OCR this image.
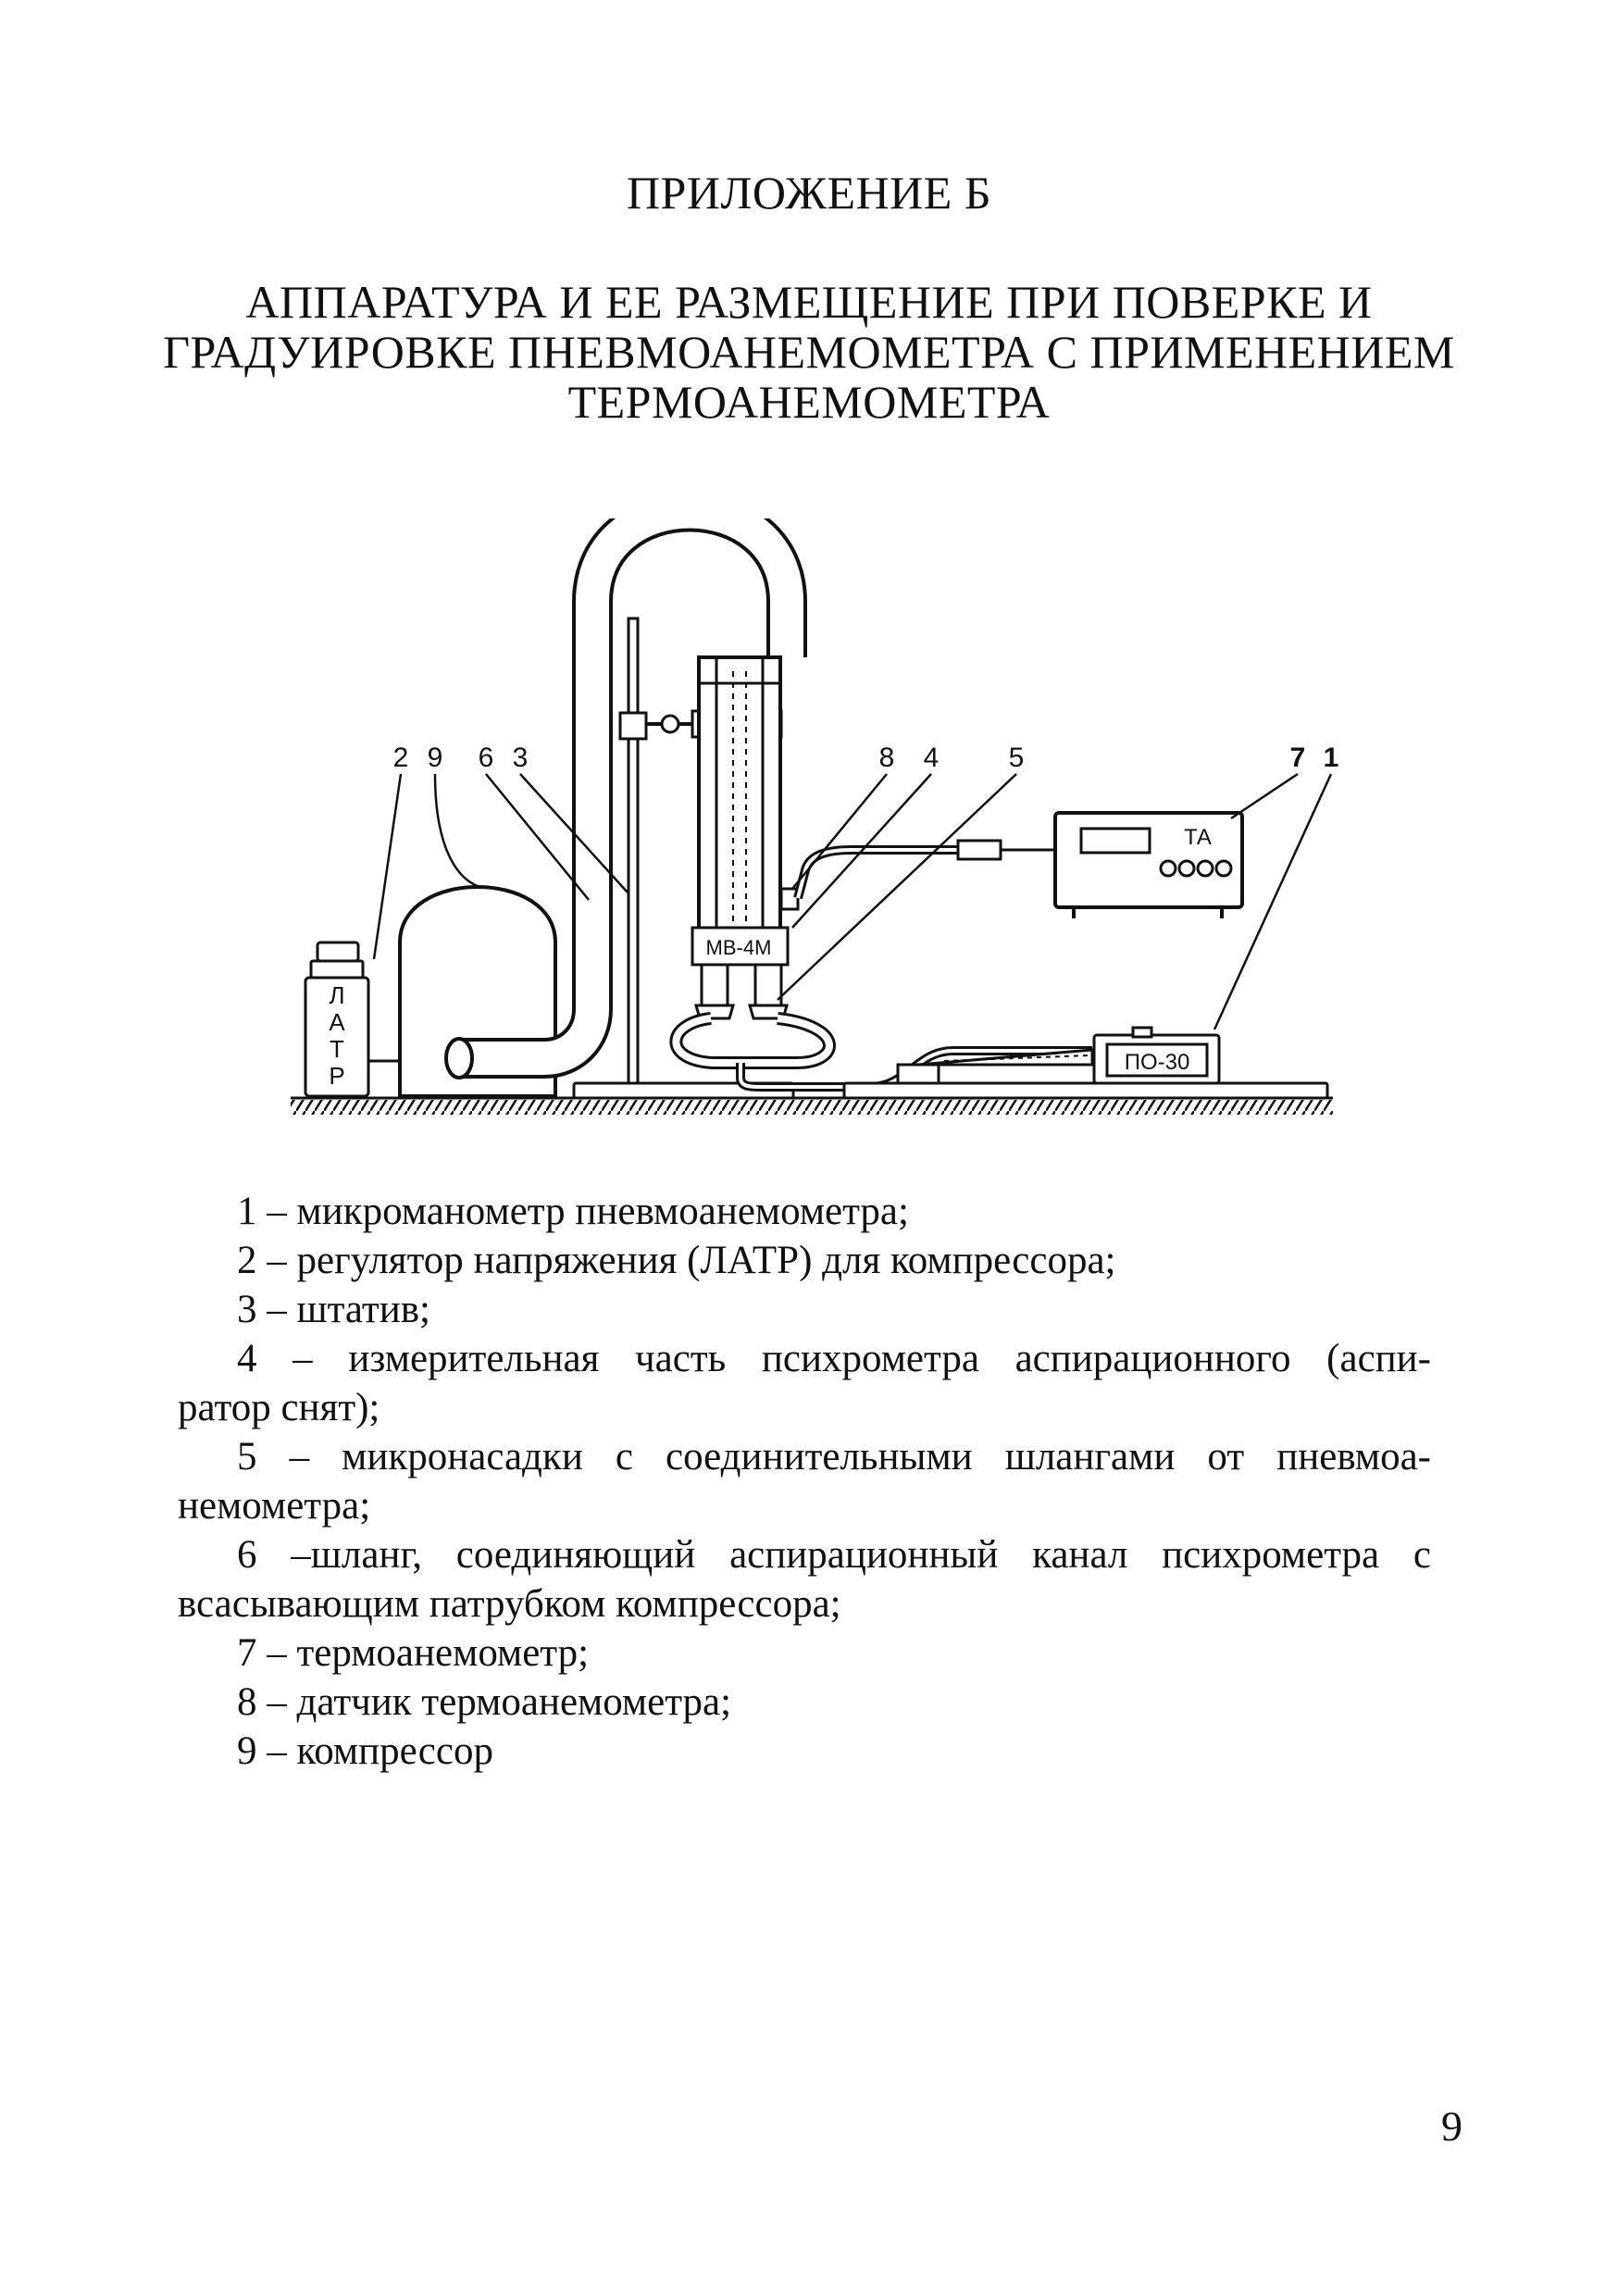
ПРИЛОЖЕНИЕ Б
АППАРАТУРА И ЕЕ РАЗМЕЩЕНИЕ ПРИ ПОВЕРКЕ И
ГРАДУИРОВКЕ ПНЕВМОАНЕМОМЕТРА С ПРИМЕНЕНИЕМ
ТЕРМОАНЕМОМЕТРА
Л
А
Т
Р
МВ-4М
ПО-30
ТА
2 9 6 3	8 4	5	7 1
1 – микроманометр пневмоанемометра;
2 – регулятор напряжения (ЛАТР) для компрессора;
3 – штатив;
4 – измерительная часть психрометра аспирационного (аспи-
ратор снят);
5 – микронасадки с соединительными шлангами от пневмоа-
немометра;
6 –шланг, соединяющий аспирационный канал психрометра с
всасывающим патрубком компрессора;
7 – термоанемометр;
8 – датчик термоанемометра;
9 – компрессор
9
